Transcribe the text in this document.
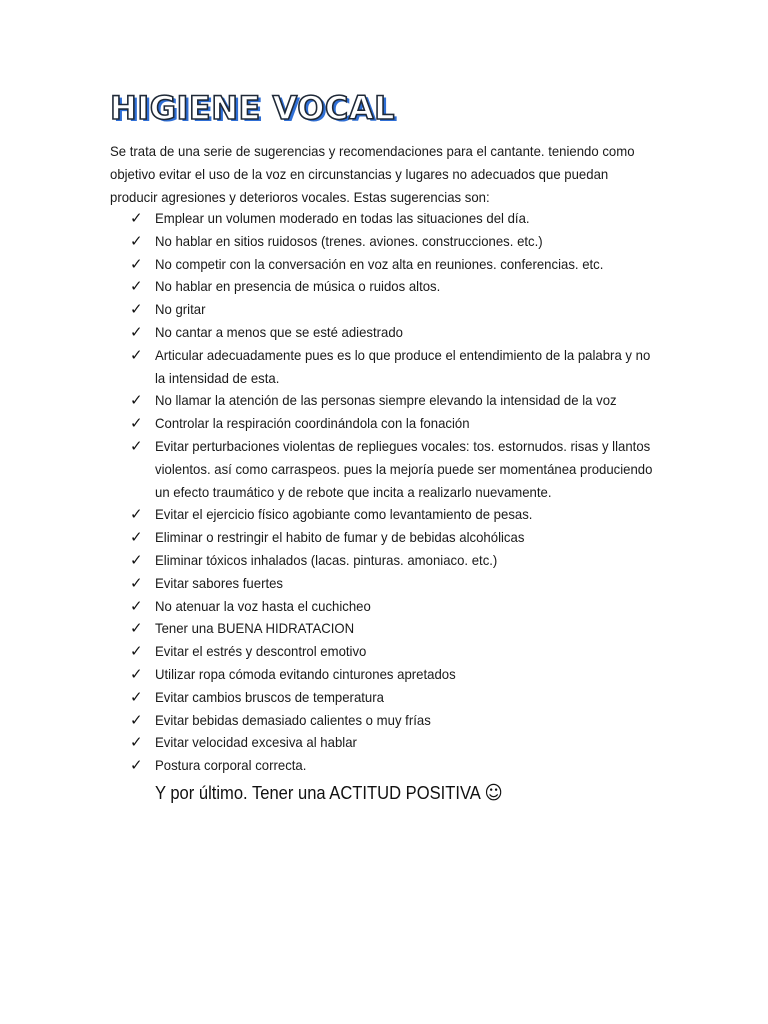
HIGIENE VOCAL

Se trata de una serie de sugerencias y recomendaciones para el cantante. teniendo como objetivo evitar el uso de la voz en circunstancias y lugares no adecuados que puedan producir agresiones y deterioros vocales. Estas sugerencias son:

✓ Emplear un volumen moderado en todas las situaciones del día.
✓ No hablar en sitios ruidosos (trenes. aviones. construcciones. etc.)
✓ No competir con la conversación en voz alta en reuniones. conferencias. etc.
✓ No hablar en presencia de música o ruidos altos.
✓ No gritar
✓ No cantar a menos que se esté adiestrado
✓ Articular adecuadamente pues es lo que produce el entendimiento de la palabra y no la intensidad de esta.
✓ No llamar la atención de las personas siempre elevando la intensidad de la voz
✓ Controlar la respiración coordinándola con la fonación
✓ Evitar perturbaciones violentas de repliegues vocales: tos. estornudos. risas y llantos violentos. así como carraspeos. pues la mejoría puede ser momentánea produciendo un efecto traumático y de rebote que incita a realizarlo nuevamente.
✓ Evitar el ejercicio físico agobiante como levantamiento de pesas.
✓ Eliminar o restringir el habito de fumar y de bebidas alcohólicas
✓ Eliminar tóxicos inhalados (lacas. pinturas. amoniaco. etc.)
✓ Evitar sabores fuertes
✓ No atenuar la voz hasta el cuchicheo
✓ Tener una BUENA HIDRATACION
✓ Evitar el estrés y descontrol emotivo
✓ Utilizar ropa cómoda evitando cinturones apretados
✓ Evitar cambios bruscos de temperatura
✓ Evitar bebidas demasiado calientes o muy frías
✓ Evitar velocidad excesiva al hablar
✓ Postura corporal correcta.

Y por último. Tener una ACTITUD POSITIVA ☺
